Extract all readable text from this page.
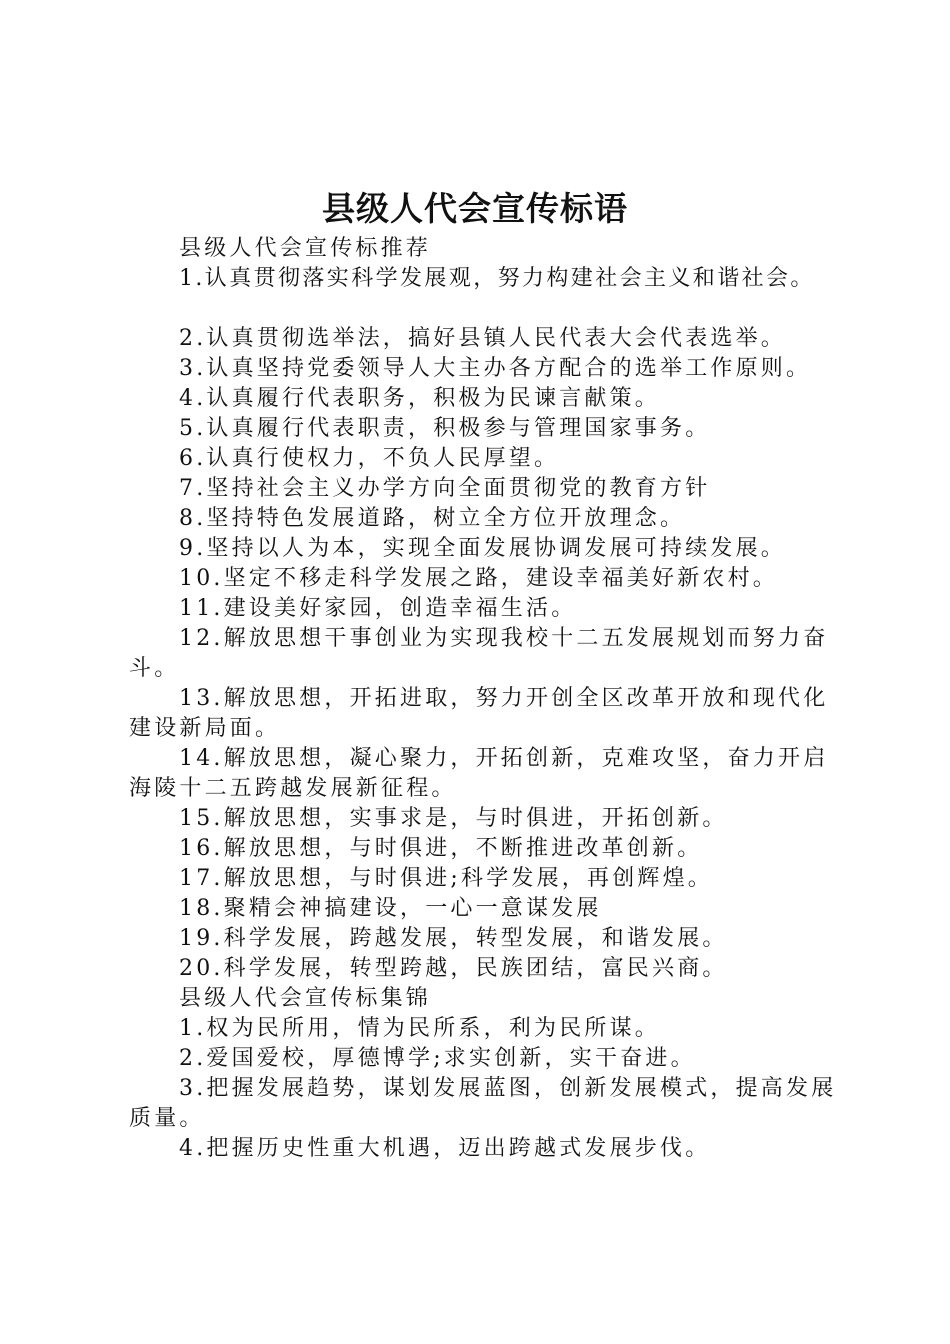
县级人代会宣传标语

县级人代会宣传标推荐

1.认真贯彻落实科学发展观，努力构建社会主义和谐社会。

2.认真贯彻选举法，搞好县镇人民代表大会代表选举。

3.认真坚持党委领导人大主办各方配合的选举工作原则。

4.认真履行代表职务，积极为民谏言献策。

5.认真履行代表职责，积极参与管理国家事务。

6.认真行使权力，不负人民厚望。

7.坚持社会主义办学方向全面贯彻党的教育方针

8.坚持特色发展道路，树立全方位开放理念。

9.坚持以人为本，实现全面发展协调发展可持续发展。

10.坚定不移走科学发展之路，建设幸福美好新农村。

11.建设美好家园，创造幸福生活。

12.解放思想干事创业为实现我校十二五发展规划而努力奋斗。

13.解放思想，开拓进取，努力开创全区改革开放和现代化建设新局面。

14.解放思想，凝心聚力，开拓创新，克难攻坚，奋力开启海陵十二五跨越发展新征程。

15.解放思想，实事求是，与时俱进，开拓创新。

16.解放思想，与时俱进，不断推进改革创新。

17.解放思想，与时俱进;科学发展，再创辉煌。

18.聚精会神搞建设，一心一意谋发展

19.科学发展，跨越发展，转型发展，和谐发展。

20.科学发展，转型跨越，民族团结，富民兴商。

县级人代会宣传标集锦

1.权为民所用，情为民所系，利为民所谋。

2.爱国爱校，厚德博学;求实创新，实干奋进。

3.把握发展趋势，谋划发展蓝图，创新发展模式，提高发展质量。

4.把握历史性重大机遇，迈出跨越式发展步伐。
